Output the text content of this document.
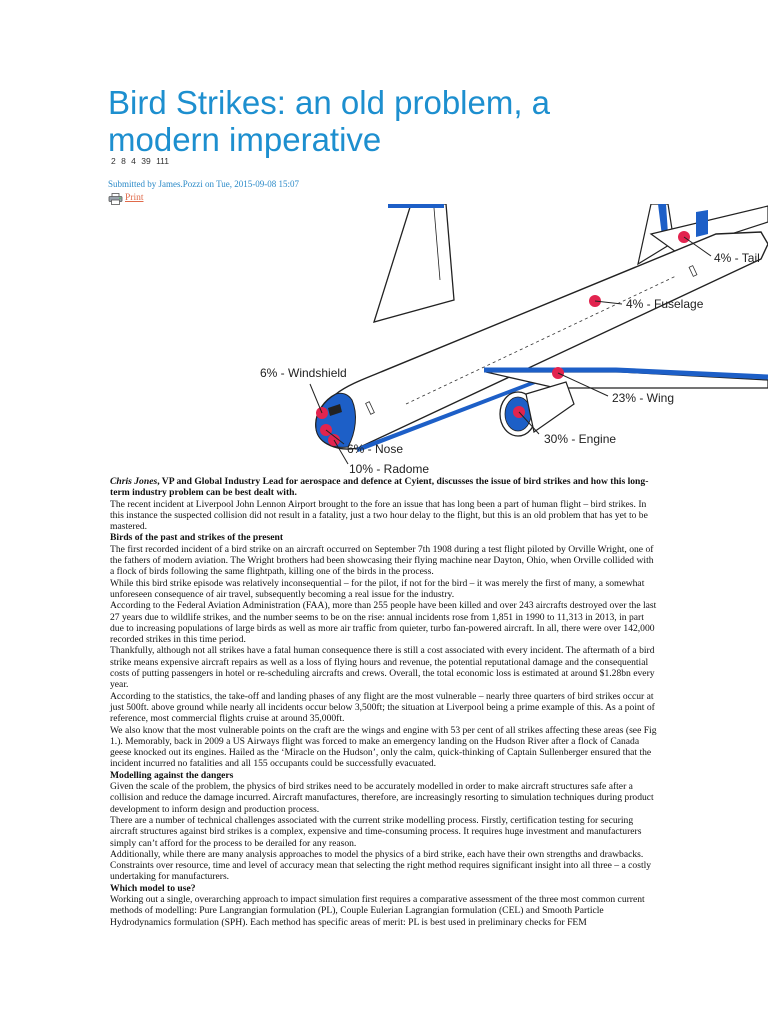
Bird Strikes: an old problem, a modern imperative
2 8 4 39 111
Submitted by James.Pozzi on Tue, 2015-09-08 15:07
Print
4% - Tail
4% - Fuselage
6% - Windshield
23% - Wing
30% - Engine
6% - Nose
10% - Radome

Chris Jones, VP and Global Industry Lead for aerospace and defence at Cyient, discusses the issue of bird strikes and how this long-term industry problem can be best dealt with.

The recent incident at Liverpool John Lennon Airport brought to the fore an issue that has long been a part of human flight – bird strikes. In this instance the suspected collision did not result in a fatality, just a two hour delay to the flight, but this is an old problem that has yet to be mastered.

Birds of the past and strikes of the present

The first recorded incident of a bird strike on an aircraft occurred on September 7th 1908 during a test flight piloted by Orville Wright, one of the fathers of modern aviation. The Wright brothers had been showcasing their flying machine near Dayton, Ohio, when Orville collided with a flock of birds following the same flightpath, killing one of the birds in the process.

While this bird strike episode was relatively inconsequential – for the pilot, if not for the bird – it was merely the first of many, a somewhat unforeseen consequence of air travel, subsequently becoming a real issue for the industry.

According to the Federal Aviation Administration (FAA), more than 255 people have been killed and over 243 aircrafts destroyed over the last 27 years due to wildlife strikes, and the number seems to be on the rise: annual incidents rose from 1,851 in 1990 to 11,313 in 2013, in part due to increasing populations of large birds as well as more air traffic from quieter, turbo fan-powered aircraft. In all, there were over 142,000 recorded strikes in this time period.

Thankfully, although not all strikes have a fatal human consequence there is still a cost associated with every incident. The aftermath of a bird strike means expensive aircraft repairs as well as a loss of flying hours and revenue, the potential reputational damage and the consequential costs of putting passengers in hotel or re-scheduling aircrafts and crews. Overall, the total economic loss is estimated at around $1.28bn every year.

According to the statistics, the take-off and landing phases of any flight are the most vulnerable – nearly three quarters of bird strikes occur at just 500ft. above ground while nearly all incidents occur below 3,500ft; the situation at Liverpool being a prime example of this. As a point of reference, most commercial flights cruise at around 35,000ft.

We also know that the most vulnerable points on the craft are the wings and engine with 53 per cent of all strikes affecting these areas (see Fig 1.). Memorably, back in 2009 a US Airways flight was forced to make an emergency landing on the Hudson River after a flock of Canada geese knocked out its engines. Hailed as the ‘Miracle on the Hudson’, only the calm, quick-thinking of Captain Sullenberger ensured that the incident incurred no fatalities and all 155 occupants could be successfully evacuated.

Modelling against the dangers

Given the scale of the problem, the physics of bird strikes need to be accurately modelled in order to make aircraft structures safe after a collision and reduce the damage incurred. Aircraft manufactures, therefore, are increasingly resorting to simulation techniques during product development to inform design and production process.

There are a number of technical challenges associated with the current strike modelling process. Firstly, certification testing for securing aircraft structures against bird strikes is a complex, expensive and time-consuming process. It requires huge investment and manufacturers simply can’t afford for the process to be derailed for any reason.

Additionally, while there are many analysis approaches to model the physics of a bird strike, each have their own strengths and drawbacks. Constraints over resource, time and level of accuracy mean that selecting the right method requires significant insight into all three – a costly undertaking for manufacturers.

Which model to use?

Working out a single, overarching approach to impact simulation first requires a comparative assessment of the three most common current methods of modelling: Pure Langrangian formulation (PL), Couple Eulerian Lagrangian formulation (CEL) and Smooth Particle Hydrodynamics formulation (SPH). Each method has specific areas of merit: PL is best used in preliminary checks for FEM
